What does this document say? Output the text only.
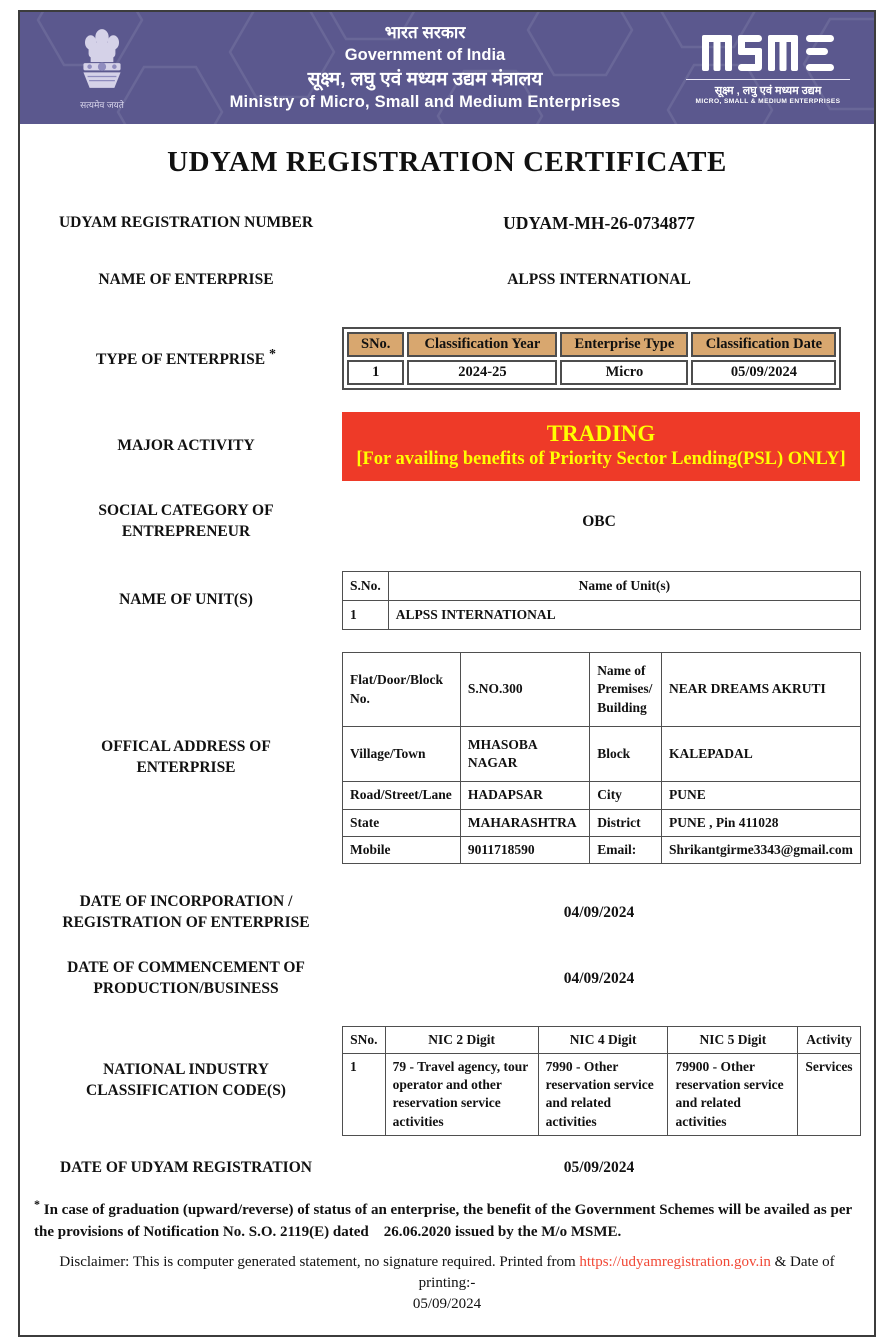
सत्यमेव जयते
भारत सरकार
Government of India
सूक्ष्म, लघु एवं मध्यम उद्यम मंत्रालय
Ministry of Micro, Small and Medium Enterprises
सूक्ष्म , लघु एवं मध्यम उद्यम
MICRO, SMALL & MEDIUM ENTERPRISES
UDYAM REGISTRATION CERTIFICATE
UDYAM REGISTRATION NUMBER	UDYAM-MH-26-0734877
NAME OF ENTERPRISE	ALPSS INTERNATIONAL
TYPE OF ENTERPRISE *
SNo.	Classification Year	Enterprise Type	Classification Date
1	2024-25	Micro	05/09/2024
MAJOR ACTIVITY	TRADING
[For availing benefits of Priority Sector Lending(PSL) ONLY]
SOCIAL CATEGORY OF ENTREPRENEUR
OBC
NAME OF UNIT(S)
S.No.	Name of Unit(s)
1	ALPSS INTERNATIONAL
OFFICAL ADDRESS OF ENTERPRISE
Flat/Door/Block No.	S.NO.300	Name of Premises/ Building	NEAR DREAMS AKRUTI
Village/Town	MHASOBA NAGAR	Block	KALEPADAL
Road/Street/Lane	HADAPSAR	City	PUNE
State	MAHARASHTRA	District	PUNE , Pin 411028
Mobile	9011718590	Email:	Shrikantgirme3343@gmail.com
DATE OF INCORPORATION / REGISTRATION OF ENTERPRISE
04/09/2024
DATE OF COMMENCEMENT OF PRODUCTION/BUSINESS
04/09/2024
NATIONAL INDUSTRY CLASSIFICATION CODE(S)
SNo.	NIC 2 Digit	NIC 4 Digit	NIC 5 Digit	Activity
1	79 - Travel agency, tour operator and other reservation service activities	7990 - Other reservation service and related activities	79900 - Other reservation service and related activities	Services
DATE OF UDYAM REGISTRATION	05/09/2024
* In case of graduation (upward/reverse) of status of an enterprise, the benefit of the Government Schemes will be availed as per the provisions of Notification No. S.O. 2119(E) dated    26.06.2020 issued by the M/o MSME.
Disclaimer: This is computer generated statement, no signature required. Printed from https://udyamregistration.gov.in & Date of printing:-
05/09/2024
